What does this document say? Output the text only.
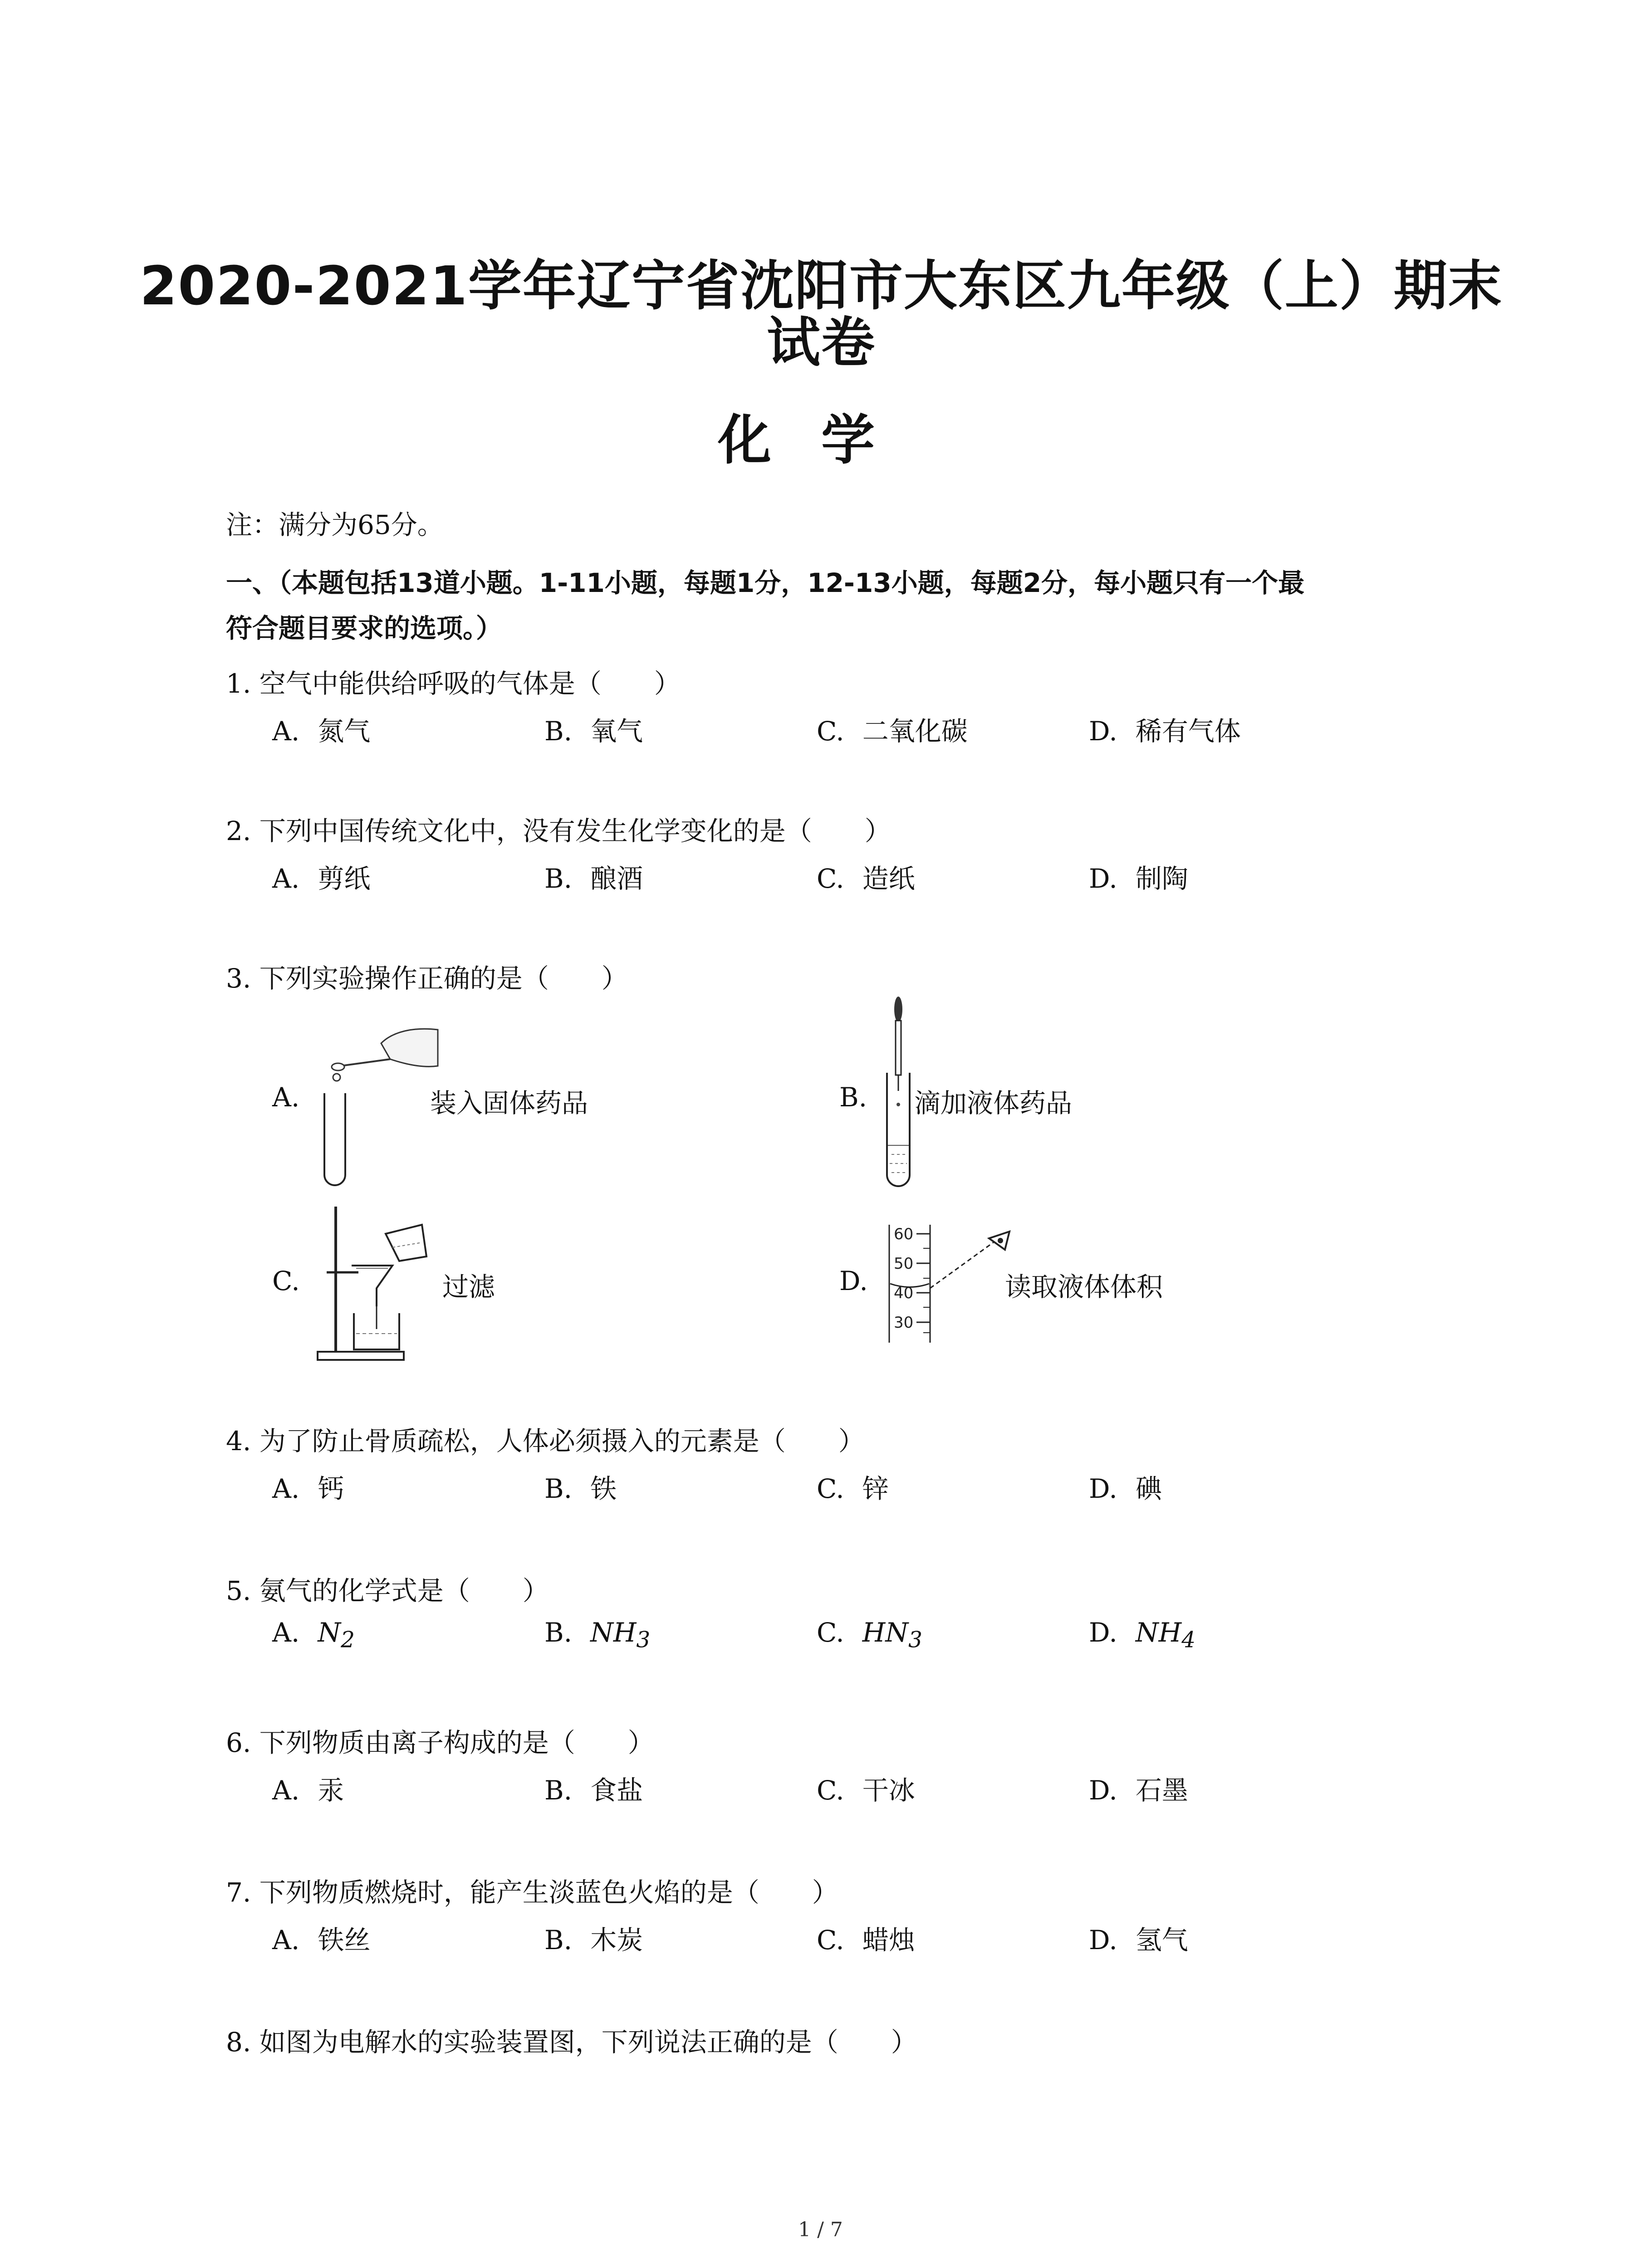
2020-2021学年辽宁省沈阳市大东区九年级（上）期末
试卷
化学
注：满分为65分。
一、（本题包括13道小题。1-11小题，每题1分，12-13小题，每题2分，每小题只有一个最
符合题目要求的选项。）
1. 空气中能供给呼吸的气体是（　　）
A. 氮气	B. 氧气	C. 二氧化碳	D. 稀有气体
2. 下列中国传统文化中，没有发生化学变化的是（　　）
A. 剪纸	B. 酿酒	C. 造纸	D. 制陶
3. 下列实验操作正确的是（　　）
A.	装入固体药品	B. 滴加液体药品
C.	过滤	D.
60
50
40
30
读取液体体积
4. 为了防止骨质疏松，人体必须摄入的元素是（　　）
A. 钙	B. 铁	C. 锌	D. 碘
5. 氨气的化学式是（　　）
A. $N_2$	B. $NH_3$	C. $HN_3$	D. $NH_4$
6. 下列物质由离子构成的是（　　）
A. 汞	B. 食盐	C. 干冰	D. 石墨
7. 下列物质燃烧时，能产生淡蓝色火焰的是（　　）
A. 铁丝	B. 木炭	C. 蜡烛	D. 氢气
8. 如图为电解水的实验装置图，下列说法正确的是（　　）
1 / 7
